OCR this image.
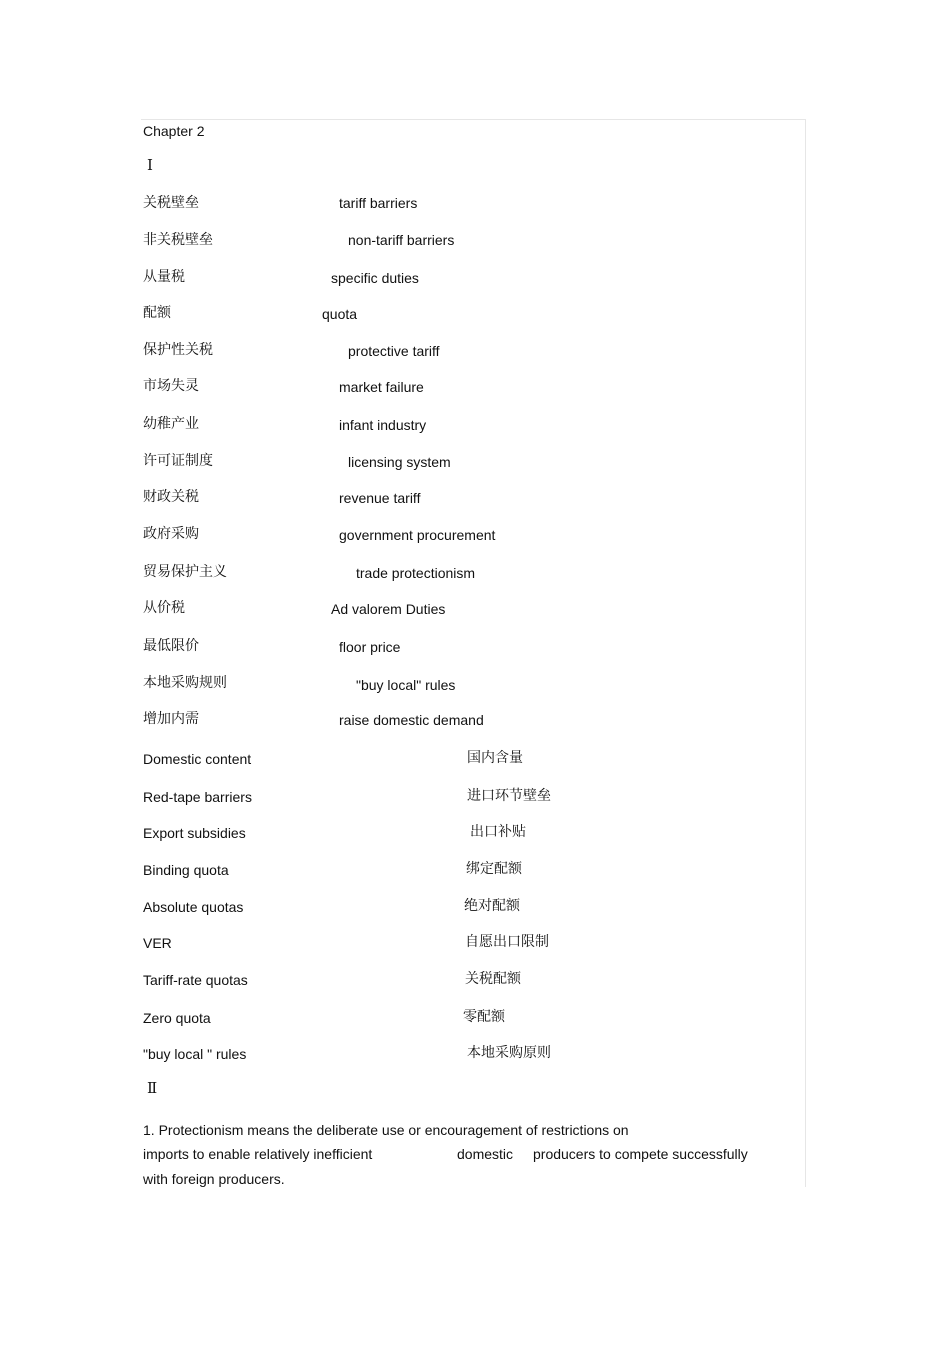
Chapter 2
Ⅰ
关税壁垒	tariff barriers
非关税壁垒	non-tariff barriers
从量税	specific duties
配额	quota
保护性关税	protective tariff
市场失灵	market failure
幼稚产业	infant industry
许可证制度	licensing system
财政关税	revenue tariff
政府采购	government procurement
贸易保护主义	trade protectionism
从价税	Ad valorem Duties
最低限价	floor price
本地采购规则	"buy local" rules
增加内需	raise domestic demand
Domestic content	国内含量
Red-tape barriers	进口环节壁垒
Export subsidies	出口补贴
Binding quota	绑定配额
Absolute quotas	绝对配额
VER	自愿出口限制
Tariff-rate quotas	关税配额
Zero quota	零配额
"buy local " rules	本地采购原则
Ⅱ
1. Protectionism means the deliberate use or encouragement of restrictions on
imports to enable relatively inefficient	domestic producers to compete successfully
with foreign producers.
